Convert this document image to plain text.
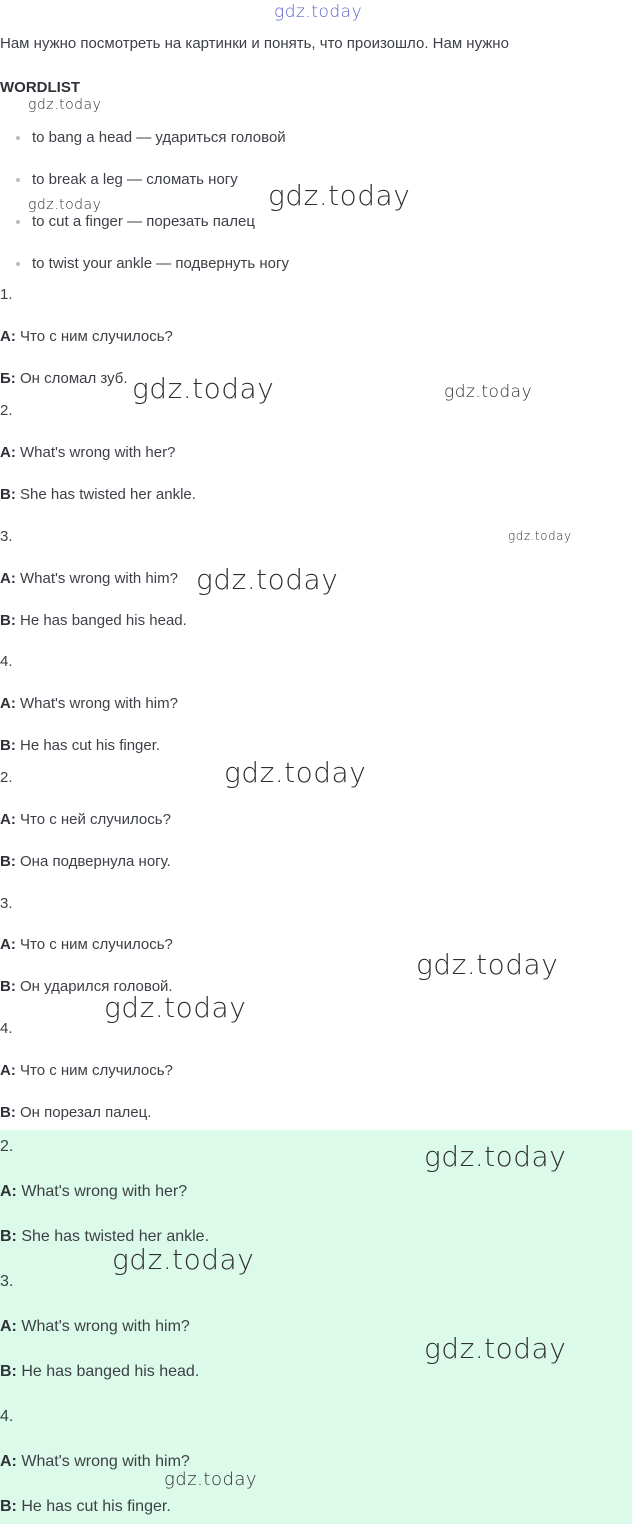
Нам нужно посмотреть на картинки и понять, что произошло. Нам нужно
WORDLIST
to bang a head — удариться головой
to break a leg — сломать ногу
to cut a finger — порезать палец
to twist your ankle — подвернуть ногу
1.
A: Что с ним случилось?
Б: Он сломал зуб.
2.
A: What's wrong with her?
B: She has twisted her ankle.
3.
A: What's wrong with him?
B: He has banged his head.
4.
A: What's wrong with him?
B: He has cut his finger.
2.
A: Что с ней случилось?
B: Она подвернула ногу.
3.
A: Что с ним случилось?
B: Он ударился головой.
4.
A: Что с ним случилось?
B: Он порезал палец.
2.
A: What's wrong with her?
B: She has twisted her ankle.
3.
A: What's wrong with him?
B: He has banged his head.
4.
A: What's wrong with him?
B: He has cut his finger.
gdz.today
gdz.today
gdz.today
gdz.today
gdz.today	gdz.today
gdz.today
gdz.today
gdz.today
gdz.today
gdz.today
gdz.today
gdz.today
gdz.today
gdz.today
